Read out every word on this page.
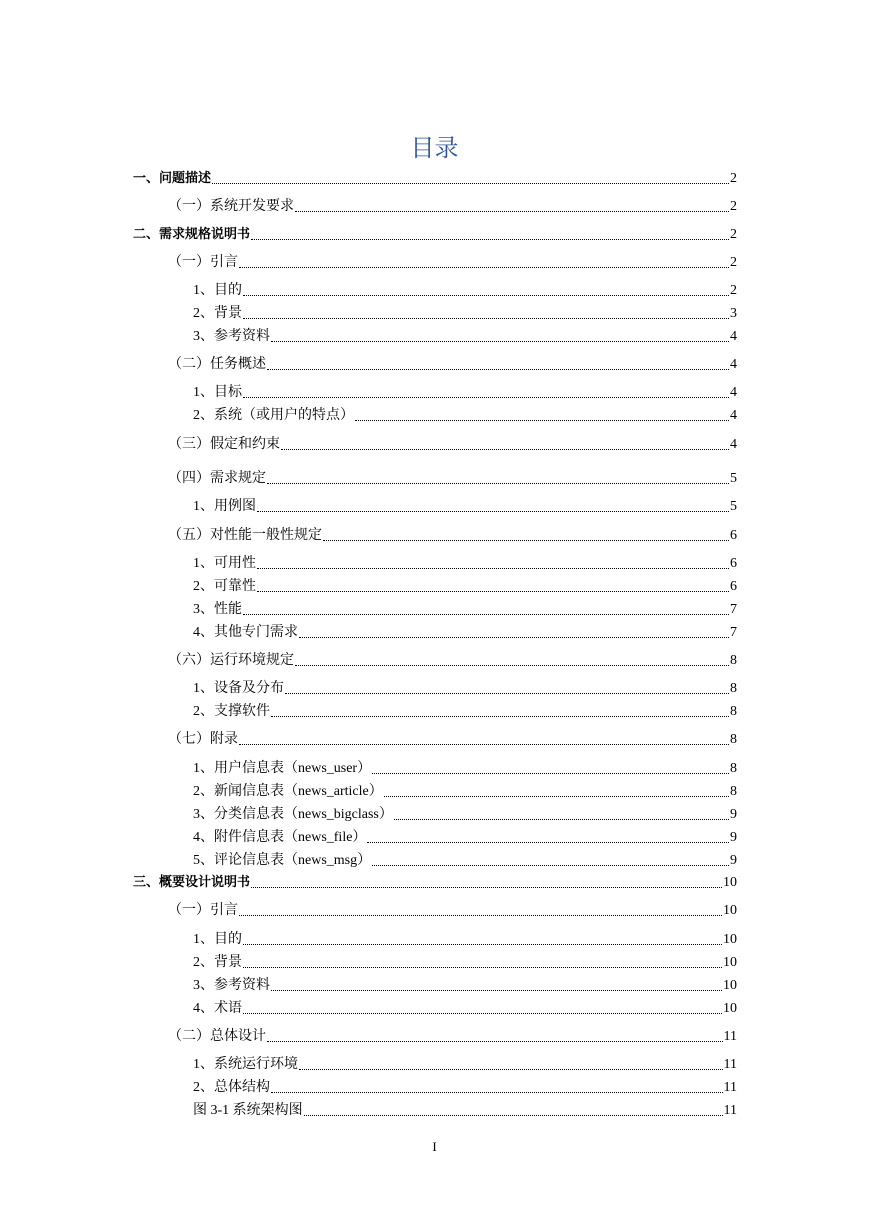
目录
一、问题描述	2
（一）系统开发要求	2
二、需求规格说明书	2
（一）引言	2
1、目的	2
2、背景	3
3、参考资料	4
（二）任务概述	4
1、目标	4
2、系统（或用户的特点）	4
（三）假定和约束	4
（四）需求规定	5
1、用例图	5
（五）对性能一般性规定	6
1、可用性	6
2、可靠性	6
3、性能	7
4、其他专门需求	7
（六）运行环境规定	8
1、设备及分布	8
2、支撑软件	8
（七）附录	8
1、用户信息表（news_user）	8
2、新闻信息表（news_article）	8
3、分类信息表（news_bigclass）	9
4、附件信息表（news_file）	9
5、评论信息表（news_msg）	9
三、概要设计说明书	10
（一）引言	10
1、目的	10
2、背景	10
3、参考资料	10
4、术语	10
（二）总体设计	11
1、系统运行环境	11
2、总体结构	11
图 3-1 系统架构图	11
I
